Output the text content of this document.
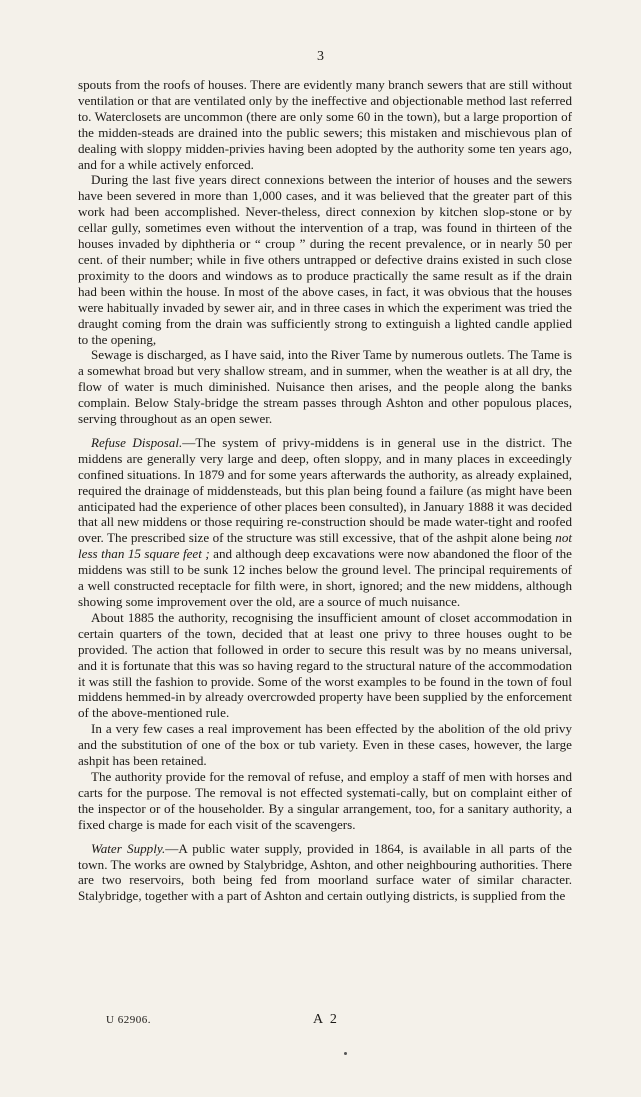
3

spouts from the roofs of houses. There are evidently many branch sewers that are still without ventilation or that are ventilated only by the ineffective and objectionable method last referred to. Waterclosets are uncommon (there are only some 60 in the town), but a large proportion of the midden-steads are drained into the public sewers; this mistaken and mischievous plan of dealing with sloppy midden-privies having been adopted by the authority some ten years ago, and for a while actively enforced.

During the last five years direct connexions between the interior of houses and the sewers have been severed in more than 1,000 cases, and it was believed that the greater part of this work had been accomplished. Never-theless, direct connexion by kitchen slop-stone or by cellar gully, sometimes even without the intervention of a trap, was found in thirteen of the houses invaded by diphtheria or “ croup ” during the recent prevalence, or in nearly 50 per cent. of their number; while in five others untrapped or defective drains existed in such close proximity to the doors and windows as to produce practically the same result as if the drain had been within the house. In most of the above cases, in fact, it was obvious that the houses were habitually invaded by sewer air, and in three cases in which the experiment was tried the draught coming from the drain was sufficiently strong to extinguish a lighted candle applied to the opening,

Sewage is discharged, as I have said, into the River Tame by numerous outlets. The Tame is a somewhat broad but very shallow stream, and in summer, when the weather is at all dry, the flow of water is much diminished. Nuisance then arises, and the people along the banks complain. Below Staly-bridge the stream passes through Ashton and other populous places, serving throughout as an open sewer.

Refuse Disposal.—The system of privy-middens is in general use in the district. The middens are generally very large and deep, often sloppy, and in many places in exceedingly confined situations. In 1879 and for some years afterwards the authority, as already explained, required the drainage of middensteads, but this plan being found a failure (as might have been anticipated had the experience of other places been consulted), in January 1888 it was decided that all new middens or those requiring re-construction should be made water-tight and roofed over. The prescribed size of the structure was still excessive, that of the ashpit alone being not less than 15 square feet ; and although deep excavations were now abandoned the floor of the middens was still to be sunk 12 inches below the ground level. The principal requirements of a well constructed receptacle for filth were, in short, ignored; and the new middens, although showing some improvement over the old, are a source of much nuisance.

About 1885 the authority, recognising the insufficient amount of closet accommodation in certain quarters of the town, decided that at least one privy to three houses ought to be provided. The action that followed in order to secure this result was by no means universal, and it is fortunate that this was so having regard to the structural nature of the accommodation it was still the fashion to provide. Some of the worst examples to be found in the town of foul middens hemmed-in by already overcrowded property have been supplied by the enforcement of the above-mentioned rule.

In a very few cases a real improvement has been effected by the abolition of the old privy and the substitution of one of the box or tub variety. Even in these cases, however, the large ashpit has been retained.

The authority provide for the removal of refuse, and employ a staff of men with horses and carts for the purpose. The removal is not effected systemati-cally, but on complaint either of the inspector or of the householder. By a singular arrangement, too, for a sanitary authority, a fixed charge is made for each visit of the scavengers.

Water Supply.—A public water supply, provided in 1864, is available in all parts of the town. The works are owned by Stalybridge, Ashton, and other neighbouring authorities. There are two reservoirs, both being fed from moorland surface water of similar character. Stalybridge, together with a part of Ashton and certain outlying districts, is supplied from the

U 62906.	A 2
